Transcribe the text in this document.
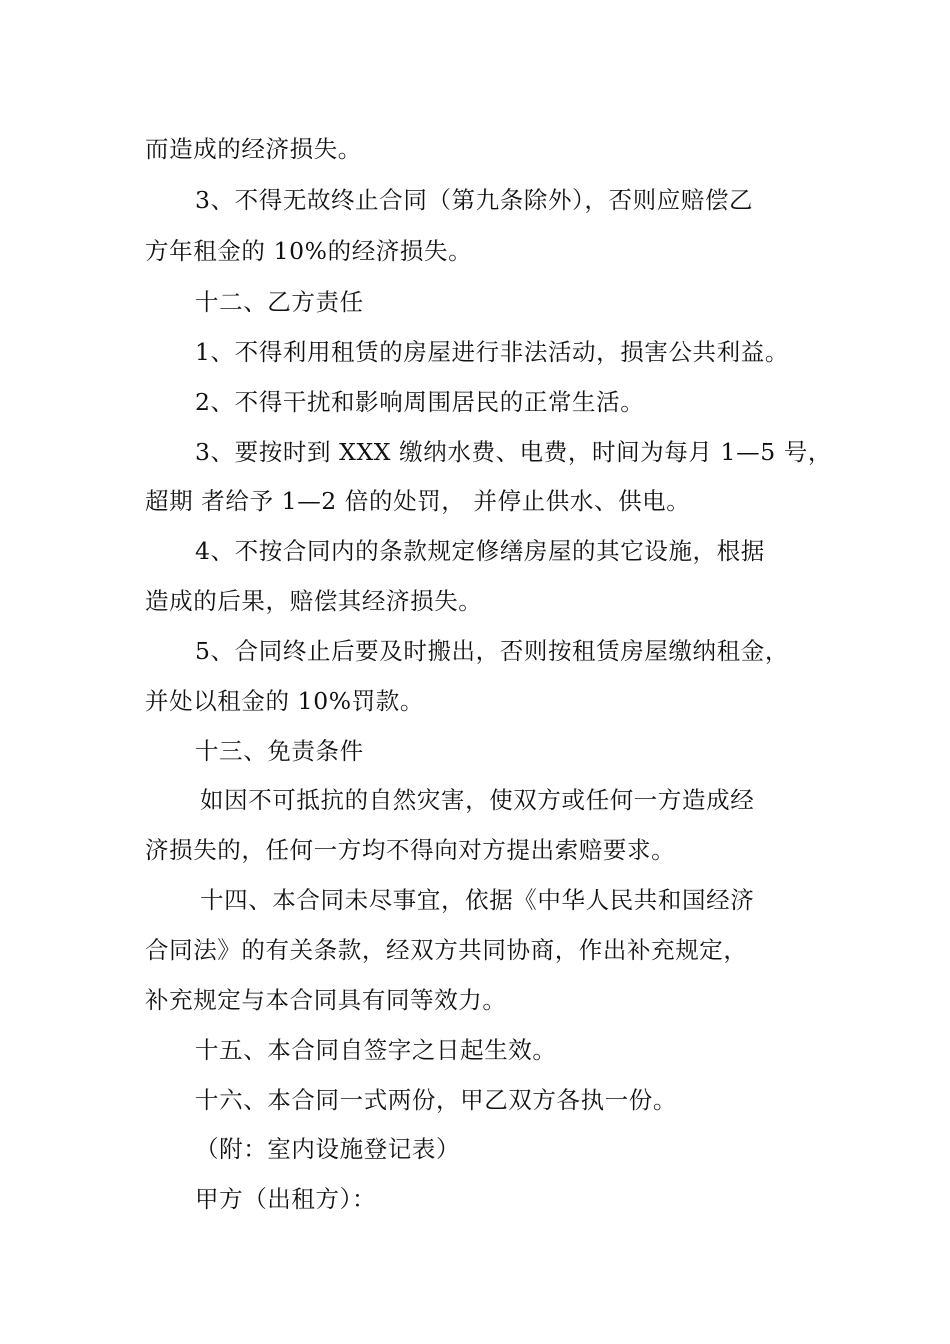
而造成的经济损失。
3、不得无故终止合同（第九条除外），否则应赔偿乙
方年租金的 10%的经济损失。
十二、乙方责任
1、不得利用租赁的房屋进行非法活动，损害公共利益。
2、不得干扰和影响周围居民的正常生活。
3、要按时到 XXX 缴纳水费、电费，时间为每月 1—5 号，
超期 者给予 1—2 倍的处罚， 并停止供水、供电。
4、不按合同内的条款规定修缮房屋的其它设施，根据
造成的后果，赔偿其经济损失。
5、合同终止后要及时搬出，否则按租赁房屋缴纳租金，
并处以租金的 10%罚款。
十三、免责条件
如因不可抵抗的自然灾害，使双方或任何一方造成经
济损失的，任何一方均不得向对方提出索赔要求。
十四、本合同未尽事宜，依据《中华人民共和国经济
合同法》的有关条款，经双方共同协商，作出补充规定，
补充规定与本合同具有同等效力。
十五、本合同自签字之日起生效。
十六、本合同一式两份，甲乙双方各执一份。
（附：室内设施登记表）
甲方（出租方）：
